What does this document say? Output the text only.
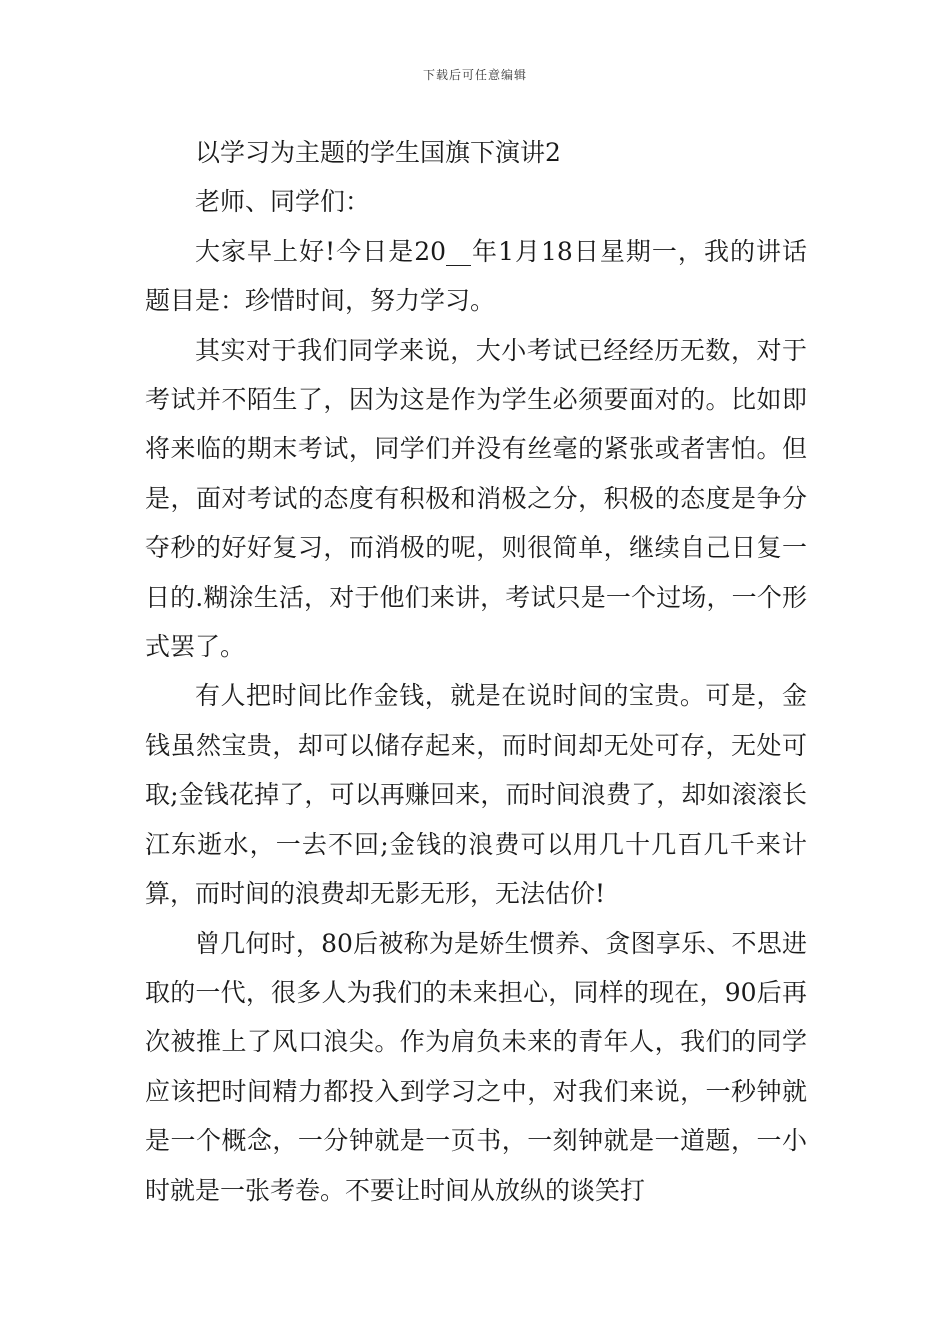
下载后可任意编辑

以学习为主题的学生国旗下演讲2

老师、同学们：

大家早上好!今日是20__年1月18日星期一，我的讲话题目是：珍惜时间，努力学习。

其实对于我们同学来说，大小考试已经经历无数，对于考试并不陌生了，因为这是作为学生必须要面对的。比如即将来临的期末考试，同学们并没有丝毫的紧张或者害怕。但是，面对考试的态度有积极和消极之分，积极的态度是争分夺秒的好好复习，而消极的呢，则很简单，继续自己日复一日的.糊涂生活，对于他们来讲，考试只是一个过场，一个形式罢了。

有人把时间比作金钱，就是在说时间的宝贵。可是，金钱虽然宝贵，却可以储存起来，而时间却无处可存，无处可取;金钱花掉了，可以再赚回来，而时间浪费了，却如滚滚长江东逝水，一去不回;金钱的浪费可以用几十几百几千来计算，而时间的浪费却无影无形，无法估价!

曾几何时，80后被称为是娇生惯养、贪图享乐、不思进取的一代，很多人为我们的未来担心，同样的现在，90后再次被推上了风口浪尖。作为肩负未来的青年人，我们的同学应该把时间精力都投入到学习之中，对我们来说，一秒钟就是一个概念，一分钟就是一页书，一刻钟就是一道题，一小时就是一张考卷。不要让时间从放纵的谈笑打
